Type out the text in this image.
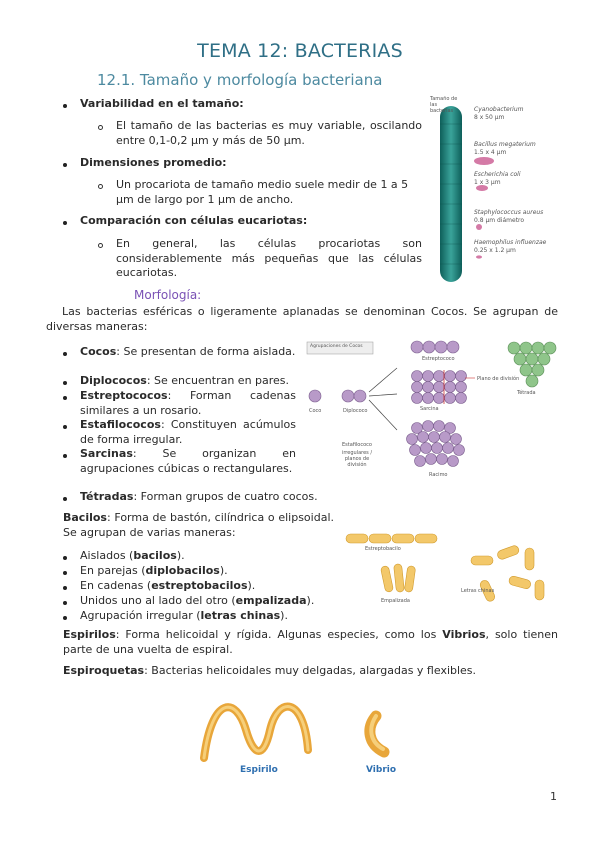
TEMA 12: BACTERIAS
12.1. Tamaño y morfología bacteriana
Variabilidad en el tamaño:
El tamaño de las bacterias es muy variable, oscilando entre 0,1-0,2 µm y más de 50 µm.
Dimensiones promedio:
Un procariota de tamaño medio suele medir de 1 a 5 µm de largo por 1 µm de ancho.
Comparación con células eucariotas:
En general, las células procariotas son considerablemente más pequeñas que las células eucariotas.
Tamaño de las bacterias	Cyanobacterium
8 x 50 µm
Bacillus megaterium
1.5 x 4 µm
Escherichia coli
1 x 3 µm
Staphylococcus aureus
0.8 µm diámetro
Haemophilus influenzae
0.25 x 1.2 µm
Morfología:
Las bacterias esféricas o ligeramente aplanadas se denominan Cocos. Se agrupan de diversas maneras:
Cocos: Se presentan de forma aislada.
Diplococos: Se encuentran en pares.
Estreptococos: Forman cadenas similares a un rosario.
Estafilococos: Constituyen acúmulos de forma irregular.
Sarcinas: Se organizan en agrupaciones cúbicas o rectangulares.
Tétradas: Forman grupos de cuatro cocos.
Agrupaciones de Cocos
Coco	Diplococo
Estreptococo
Sarcina
Plano de división
Tétrada
Racimo
Estafilococo
irregulares / planos de división
Bacilos: Forma de bastón, cilíndrica o elipsoidal. Se agrupan de varias maneras:
Aislados (bacilos).
En parejas (diplobacilos).
En cadenas (estreptobacilos).
Unidos uno al lado del otro (empalizada).
Agrupación irregular (letras chinas).
Estreptobacilo
Empalizada
Letras chinas
Espirilos: Forma helicoidal y rígida. Algunas especies, como los Vibrios, solo tienen parte de una vuelta de espiral.
Espiroquetas: Bacterias helicoidales muy delgadas, alargadas y flexibles.
Espirilo	Vibrio
1
